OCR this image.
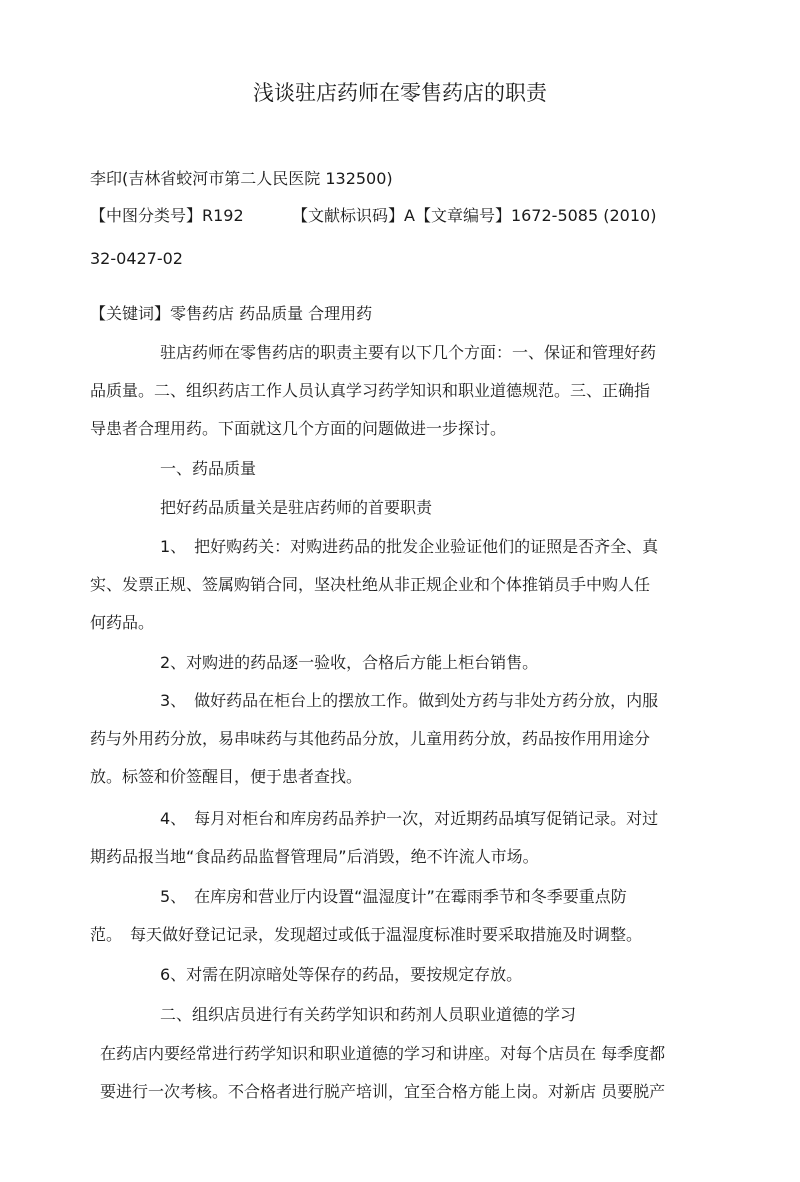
浅谈驻店药师在零售药店的职责
李印(吉林省蛟河市第二人民医院 132500)
【中图分类号】R192	【文献标识码】A【文章编号】1672-5085 (2010)
32-0427-02
【关键词】零售药店 药品质量 合理用药
驻店药师在零售药店的职责主要有以下几个方面：一、保证和管理好药
品质量。二、组织药店工作人员认真学习药学知识和职业道德规范。三、正确指
导患者合理用药。下面就这几个方面的问题做进一步探讨。
一、药品质量
把好药品质量关是驻店药师的首要职责
1、　把好购药关：对购进药品的批发企业验证他们的证照是否齐全、真
实、发票正规、签属购销合同，坚决杜绝从非正规企业和个体推销员手中购人任
何药品。
2、对购进的药品逐一验收，合格后方能上柜台销售。
3、　做好药品在柜台上的摆放工作。做到处方药与非处方药分放，内服
药与外用药分放，易串味药与其他药品分放，儿童用药分放，药品按作用用途分
放。标签和价签醒目，便于患者查找。
4、　每月对柜台和库房药品养护一次，对近期药品填写促销记录。对过
期药品报当地“食品药品监督管理局”后消毁，绝不许流人市场。
5、　在库房和营业厅内设置“温湿度计”在霉雨季节和冬季要重点防
范。　每天做好登记记录，发现超过或低于温湿度标准时要采取措施及时调整。
6、对需在阴凉暗处等保存的药品，要按规定存放。
二、组织店员进行有关药学知识和药剂人员职业道德的学习
在药店内要经常进行药学知识和职业道德的学习和讲座。对每个店员在 每季度都
要进行一次考核。不合格者进行脱产培训，宜至合格方能上岗。对新店 员要脱产
